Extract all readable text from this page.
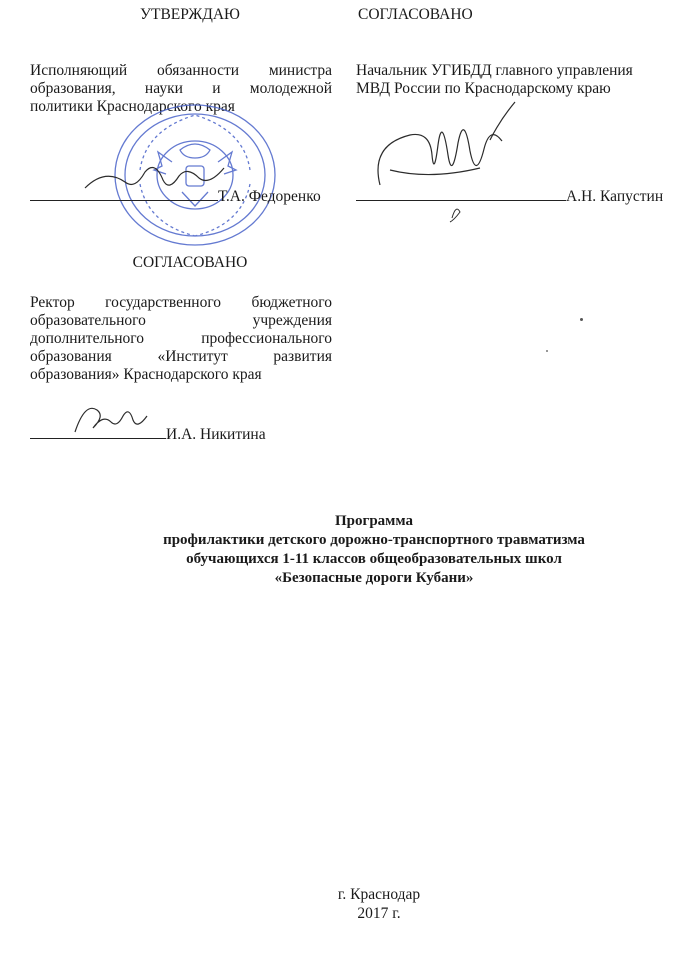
УТВЕРЖДАЮ
Исполняющий обязанности министра
образования, науки и молодежной
политики Краснодарского края
Т.А. Федоренко
СОГЛАСОВАНО
Начальник УГИБДД главного управления
МВД России по Краснодарскому краю
А.Н. Капустин
СОГЛАСОВАНО
Ректор государственного бюджетного
образовательного учреждения
дополнительного профессионального
образования «Институт развития
образования» Краснодарского края
И.А. Никитина
Программа
профилактики детского дорожно-транспортного травматизма
обучающихся 1-11 классов общеобразовательных школ
«Безопасные дороги Кубани»
г. Краснодар
2017 г.
